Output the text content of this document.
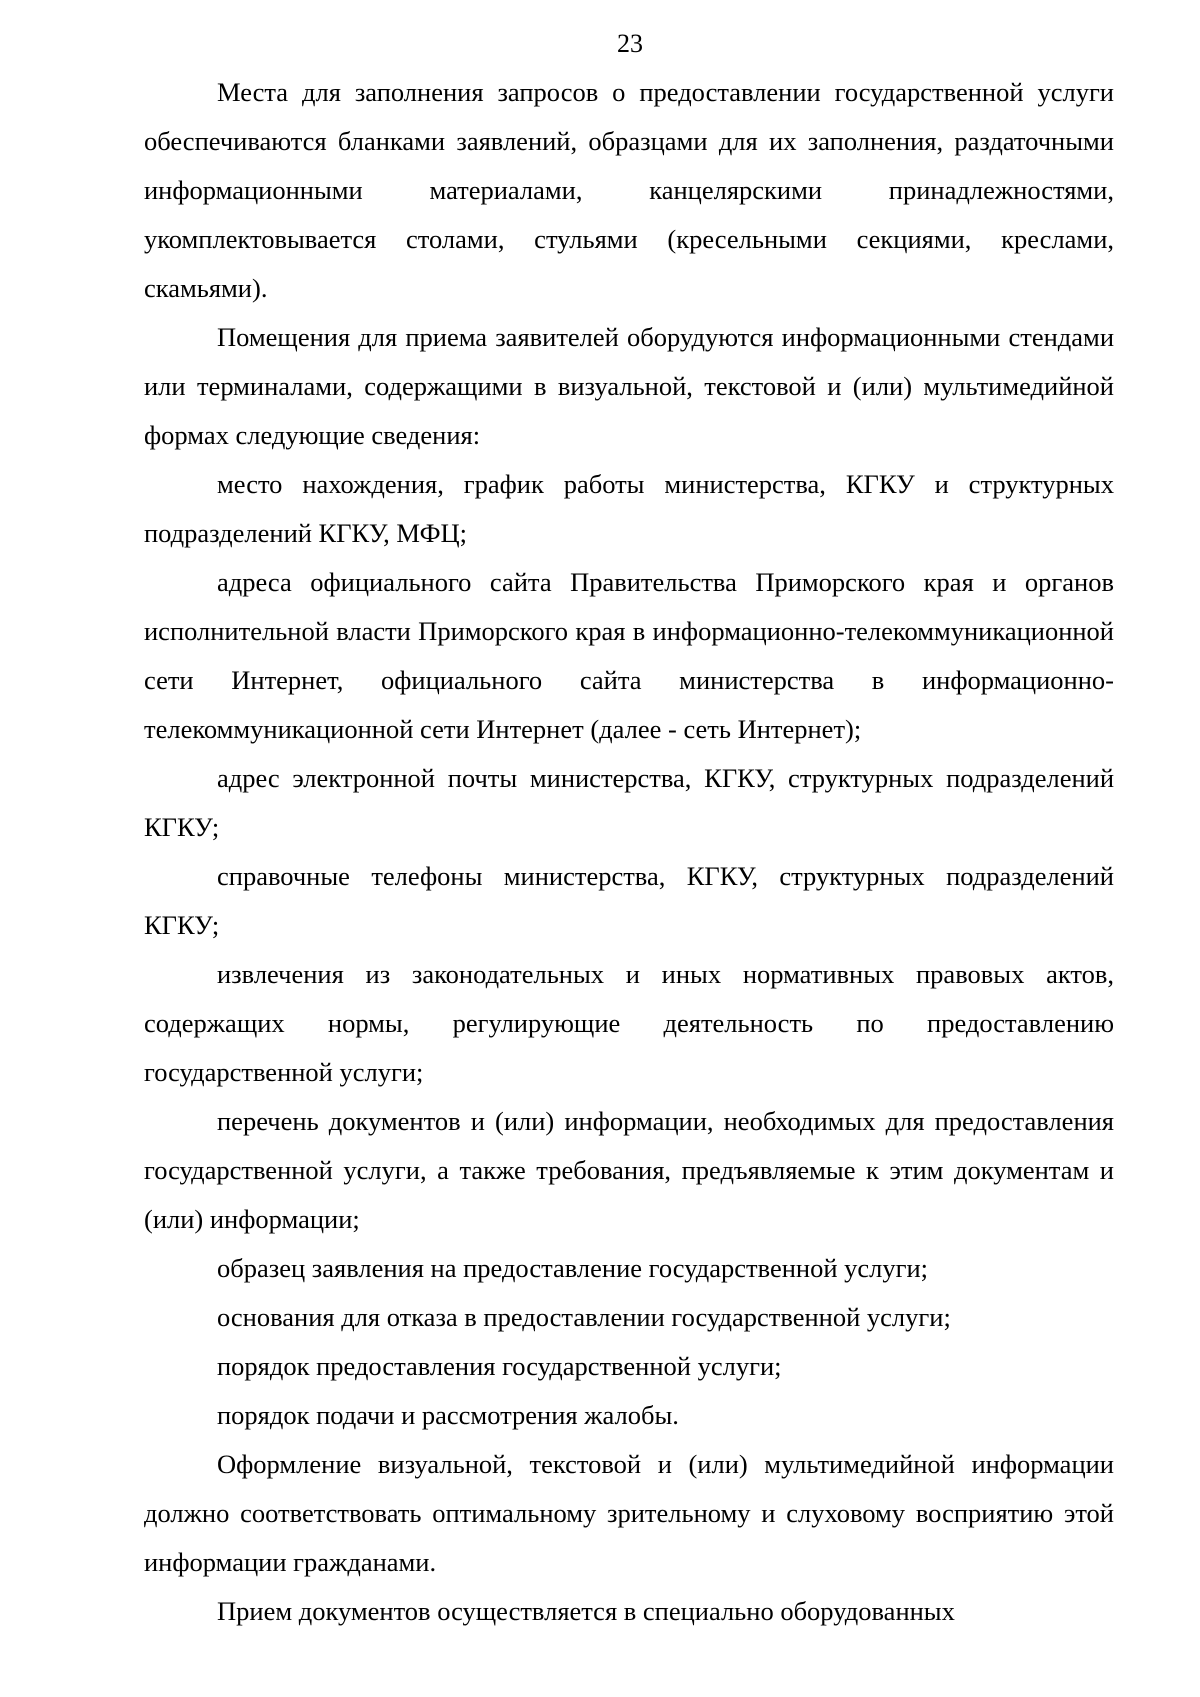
23

Места для заполнения запросов о предоставлении государственной услуги обеспечиваются бланками заявлений, образцами для их заполнения, раздаточными информационными материалами, канцелярскими принадлежностями, укомплектовывается столами, стульями (кресельными секциями, креслами, скамьями).

Помещения для приема заявителей оборудуются информационными стендами или терминалами, содержащими в визуальной, текстовой и (или) мультимедийной формах следующие сведения:

место нахождения, график работы министерства, КГКУ и структурных подразделений КГКУ, МФЦ;

адреса официального сайта Правительства Приморского края и органов исполнительной власти Приморского края в информационно-телекоммуникационной сети Интернет, официального сайта министерства в информационно-телекоммуникационной сети Интернет (далее - сеть Интернет);

адрес электронной почты министерства, КГКУ, структурных подразделений КГКУ;

справочные телефоны министерства, КГКУ, структурных подразделений КГКУ;

извлечения из законодательных и иных нормативных правовых актов, содержащих нормы, регулирующие деятельность по предоставлению государственной услуги;

перечень документов и (или) информации, необходимых для предоставления государственной услуги, а также требования, предъявляемые к этим документам и (или) информации;

образец заявления на предоставление государственной услуги;

основания для отказа в предоставлении государственной услуги;

порядок предоставления государственной услуги;

порядок подачи и рассмотрения жалобы.

Оформление визуальной, текстовой и (или) мультимедийной информации должно соответствовать оптимальному зрительному и слуховому восприятию этой информации гражданами.

Прием документов осуществляется в специально оборудованных
